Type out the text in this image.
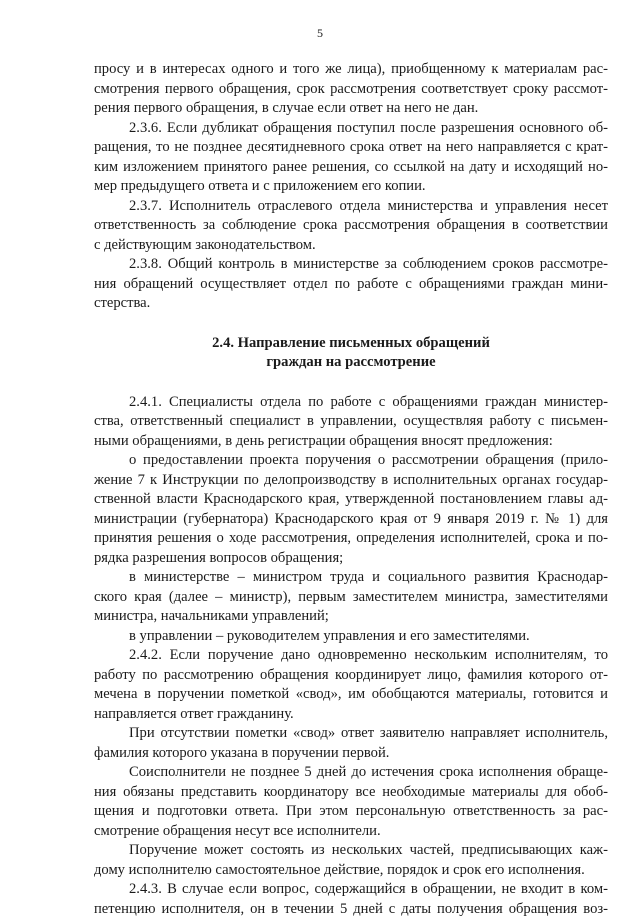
5
просу и в интересах одного и того же лица), приобщенному к материалам рас-
смотрения первого обращения, срок рассмотрения соответствует сроку рассмот-
рения первого обращения, в случае если ответ на него не дан.
2.3.6. Если дубликат обращения поступил после разрешения основного об-
ращения, то не позднее десятидневного срока ответ на него направляется с крат-
ким изложением принятого ранее решения, со ссылкой на дату и исходящий но-
мер предыдущего ответа и с приложением его копии.
2.3.7. Исполнитель отраслевого отдела министерства и управления несет
ответственность за соблюдение срока рассмотрения обращения в соответствии
с действующим законодательством.
2.3.8. Общий контроль в министерстве за соблюдением сроков рассмотре-
ния обращений осуществляет отдел по работе с обращениями граждан мини-
стерства.
2.4. Направление письменных обращений
граждан на рассмотрение
2.4.1. Специалисты отдела по работе с обращениями граждан министер-
ства, ответственный специалист в управлении, осуществляя работу с письмен-
ными обращениями, в день регистрации обращения вносят предложения:
о предоставлении проекта поручения о рассмотрении обращения (прило-
жение 7 к Инструкции по делопроизводству в исполнительных органах государ-
ственной власти Краснодарского края, утвержденной постановлением главы ад-
министрации (губернатора) Краснодарского края от 9 января 2019 г. № 1) для
принятия решения о ходе рассмотрения, определения исполнителей, срока и по-
рядка разрешения вопросов обращения;
в министерстве – министром труда и социального развития Краснодар-
ского края (далее – министр), первым заместителем министра, заместителями
министра, начальниками управлений;
в управлении – руководителем управления и его заместителями.
2.4.2. Если поручение дано одновременно нескольким исполнителям, то
работу по рассмотрению обращения координирует лицо, фамилия которого от-
мечена в поручении пометкой «свод», им обобщаются материалы, готовится и
направляется ответ гражданину.
При отсутствии пометки «свод» ответ заявителю направляет исполнитель,
фамилия которого указана в поручении первой.
Соисполнители не позднее 5 дней до истечения срока исполнения обраще-
ния обязаны представить координатору все необходимые материалы для обоб-
щения и подготовки ответа. При этом персональную ответственность за рас-
смотрение обращения несут все исполнители.
Поручение может состоять из нескольких частей, предписывающих каж-
дому исполнителю самостоятельное действие, порядок и срок его исполнения.
2.4.3. В случае если вопрос, содержащийся в обращении, не входит в ком-
петенцию исполнителя, он в течении 5 дней с даты получения обращения воз-
